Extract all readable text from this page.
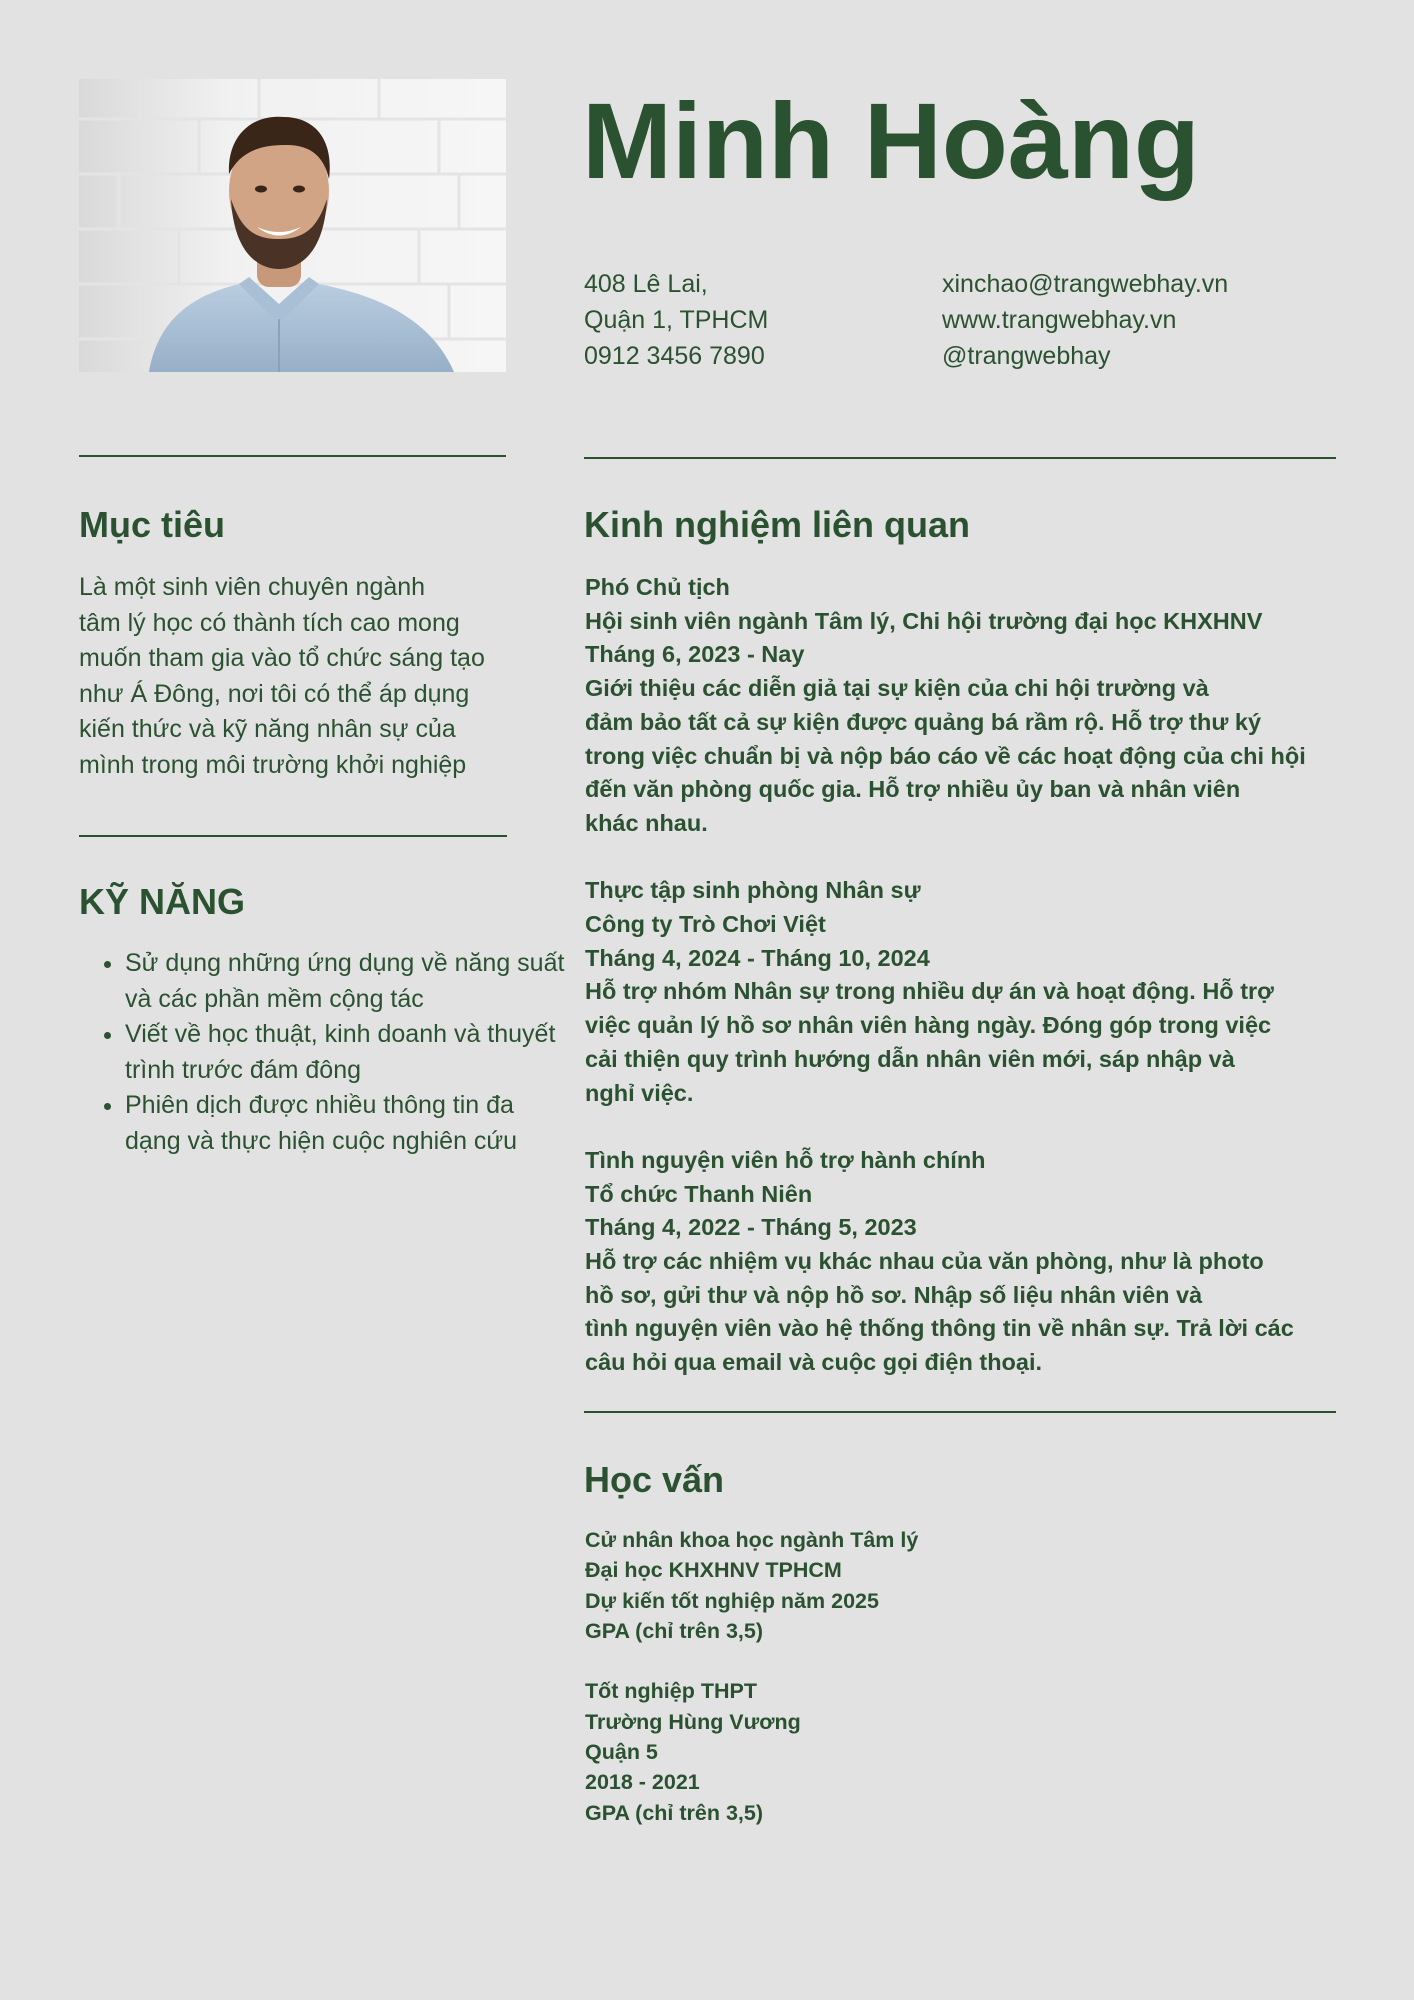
Minh Hoàng
408 Lê Lai,
Quận 1, TPHCM
0912 3456 7890
xinchao@trangwebhay.vn
www.trangwebhay.vn
@trangwebhay
Mục tiêu
Là một sinh viên chuyên ngành
tâm lý học có thành tích cao mong
muốn tham gia vào tổ chức sáng tạo
như Á Đông, nơi tôi có thể áp dụng
kiến thức và kỹ năng nhân sự của
mình trong môi trường khởi nghiệp
KỸ NĂNG
• Sử dụng những ứng dụng về năng suất và các phần mềm cộng tác
• Viết về học thuật, kinh doanh và thuyết trình trước đám đông
• Phiên dịch được nhiều thông tin đa dạng và thực hiện cuộc nghiên cứu
Kinh nghiệm liên quan
Phó Chủ tịch
Hội sinh viên ngành Tâm lý, Chi hội trường đại học KHXHNV
Tháng 6, 2023 - Nay
Giới thiệu các diễn giả tại sự kiện của chi hội trường và
đảm bảo tất cả sự kiện được quảng bá rầm rộ. Hỗ trợ thư ký
trong việc chuẩn bị và nộp báo cáo về các hoạt động của chi hội
đến văn phòng quốc gia. Hỗ trợ nhiều ủy ban và nhân viên
khác nhau.
Thực tập sinh phòng Nhân sự
Công ty Trò Chơi Việt
Tháng 4, 2024 - Tháng 10, 2024
Hỗ trợ nhóm Nhân sự trong nhiều dự án và hoạt động. Hỗ trợ
việc quản lý hồ sơ nhân viên hàng ngày. Đóng góp trong việc
cải thiện quy trình hướng dẫn nhân viên mới, sáp nhập và
nghỉ việc.
Tình nguyện viên hỗ trợ hành chính
Tổ chức Thanh Niên
Tháng 4, 2022 - Tháng 5, 2023
Hỗ trợ các nhiệm vụ khác nhau của văn phòng, như là photo
hồ sơ, gửi thư và nộp hồ sơ. Nhập số liệu nhân viên và
tình nguyện viên vào hệ thống thông tin về nhân sự. Trả lời các
câu hỏi qua email và cuộc gọi điện thoại.
Học vấn
Cử nhân khoa học ngành Tâm lý
Đại học KHXHNV TPHCM
Dự kiến tốt nghiệp năm 2025
GPA (chỉ trên 3,5)
Tốt nghiệp THPT
Trường Hùng Vương
Quận 5
2018 - 2021
GPA (chỉ trên 3,5)
